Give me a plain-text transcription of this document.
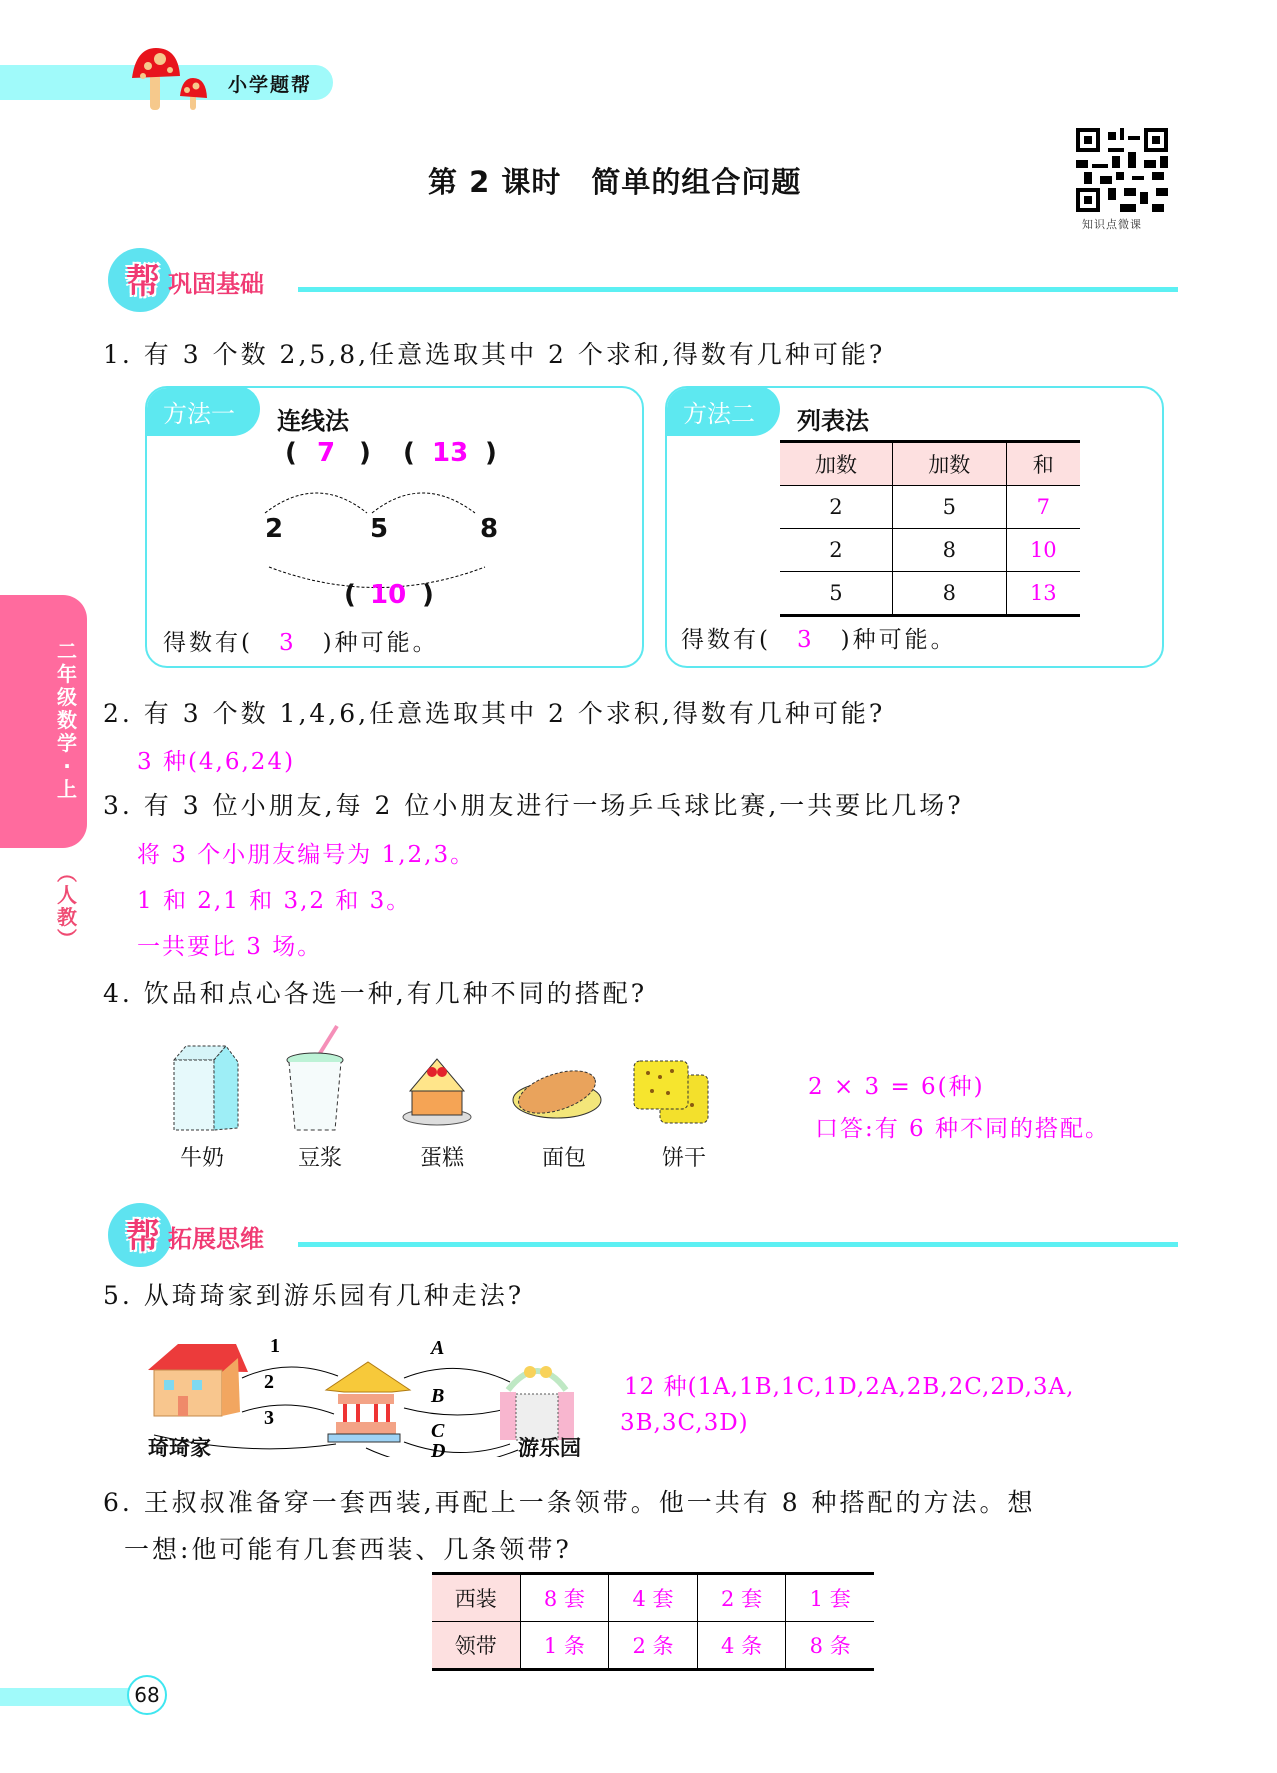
小学题帮
第 2 课时　简单的组合问题
知识点微课
帮 巩固基础
1. 有 3 个数 2,5,8,任意选取其中 2 个求和,得数有几种可能?
方法一	连线法
( 7 ) ( 13 )
2	5	8
( 10 )
得数有( 3 )种可能。
方法二	列表法
加数	加数	和
2	5	7
2	8	10
5	8	13
得数有( 3 )种可能。
二
年
级
数
学
·
上
︵
人
教
︶
2. 有 3 个数 1,4,6,任意选取其中 2 个求积,得数有几种可能?
3 种(4,6,24)
3. 有 3 位小朋友,每 2 位小朋友进行一场乒乓球比赛,一共要比几场?
将 3 个小朋友编号为 1,2,3。
1 和 2,1 和 3,2 和 3。
一共要比 3 场。
4. 饮品和点心各选一种,有几种不同的搭配?
牛奶	豆浆	蛋糕	面包	饼干
2 × 3 = 6(种)
口答:有 6 种不同的搭配。
帮 拓展思维
5. 从琦琦家到游乐园有几种走法?
1
2
3
A
B
C
D
琦琦家	游乐园
12 种(1A,1B,1C,1D,2A,2B,2C,2D,3A,
3B,3C,3D)
6. 王叔叔准备穿一套西装,再配上一条领带。他一共有 8 种搭配的方法。想
一想:他可能有几套西装、几条领带?
西装	8 套	4 套	2 套	1 套
领带	1 条	2 条	4 条	8 条
68
